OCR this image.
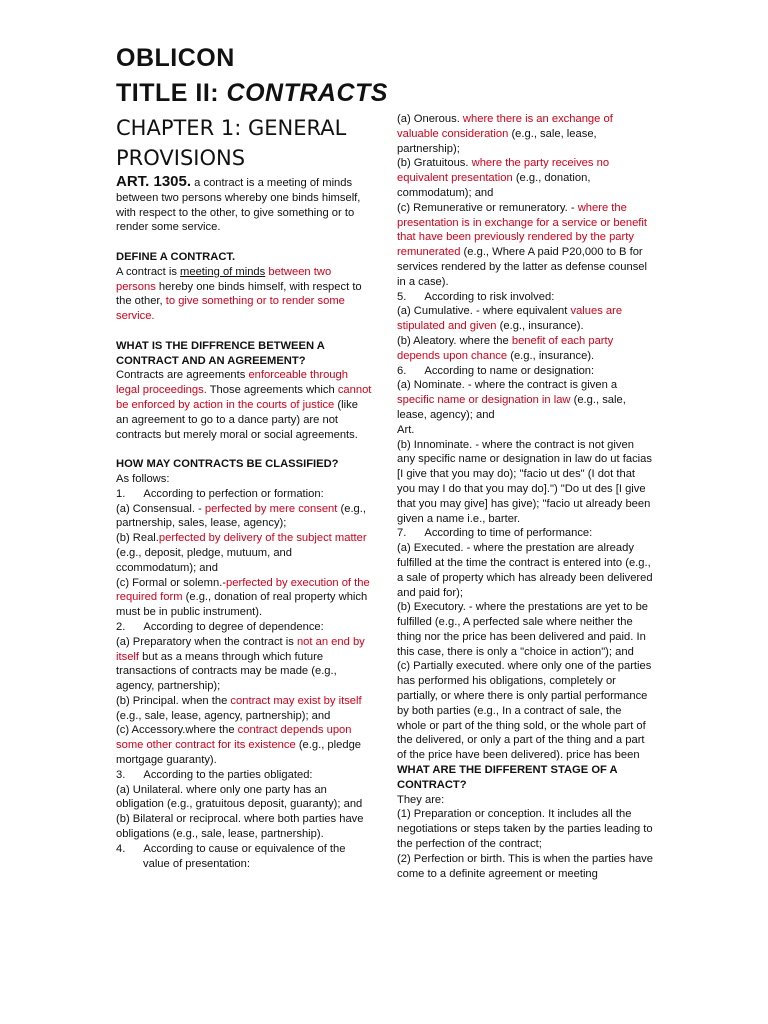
OBLICON
TITLE II: CONTRACTS
CHAPTER 1: GENERAL PROVISIONS

ART. 1305. a contract is a meeting of minds between two persons whereby one binds himself, with respect to the other, to give something or to render some service.

DEFINE A CONTRACT.

A contract is meeting of minds between two persons hereby one binds himself, with respect to the other, to give something or to render some service.

WHAT IS THE DIFFRENCE BETWEEN A CONTRACT AND AN AGREEMENT?

Contracts are agreements enforceable through legal proceedings. Those agreements which cannot be enforced by action in the courts of justice (like an agreement to go to a dance party) are not contracts but merely moral or social agreements.

HOW MAY CONTRACTS BE CLASSIFIED?

As follows:

1.      According to perfection or formation:

(a) Consensual. - perfected by mere consent (e.g., partnership, sales, lease, agency);

(b) Real.perfected by delivery of the subject matter (e.g., deposit, pledge, mutuum, and ccommodatum); and

(c) Formal or solemn.-perfected by execution of the required form (e.g., donation of real property which must be in public instrument).

2.      According to degree of dependence:

(a) Preparatory when the contract is not an end by itself but as a means through which future transactions of contracts may be made (e.g., agency, partnership);

(b) Principal. when the contract may exist by itself (e.g., sale, lease, agency, partnership); and

(c) Accessory.where the contract depends upon some other contract for its existence (e.g., pledge mortgage guaranty).

3.      According to the parties obligated:

(a) Unilateral. where only one party has an obligation (e.g., gratuitous deposit, guaranty); and

(b) Bilateral or reciprocal. where both parties have obligations (e.g., sale, lease, partnership).

4.      According to cause or equivalence of the value of presentation:

(a) Onerous. where there is an exchange of valuable consideration (e.g., sale, lease, partnership);

(b) Gratuitous. where the party receives no equivalent presentation (e.g., donation, commodatum); and

(c) Remunerative or remuneratory. - where the presentation is in exchange for a service or benefit that have been previously rendered by the party remunerated (e.g., Where A paid P20,000 to B for services rendered by the latter as defense counsel in a case).

5.      According to risk involved:

(a) Cumulative. - where equivalent values are stipulated and given (e.g., insurance).

(b) Aleatory. where the benefit of each party depends upon chance (e.g., insurance).

6.      According to name or designation:

(a) Nominate. - where the contract is given a specific name or designation in law (e.g., sale, lease, agency); and

Art.

(b) Innominate. - where the contract is not given any specific name or designation in law do ut facias [I give that you may do); "facio ut des" (I dot that you may I do that you may do].") "Do ut des [I give that you may give] has give); "facio ut already been given a name i.e., barter.

7.      According to time of performance:

(a) Executed. - where the prestation are already fulfilled at the time the contract is entered into (e.g., a sale of property which has already been delivered and paid for);

(b) Executory. - where the prestations are yet to be fulfilled (e.g., A perfected sale where neither the thing nor the price has been delivered and paid. In this case, there is only a "choice in action"); and

(c) Partially executed. where only one of the parties has performed his obligations, completely or partially, or where there is only partial performance by both parties (e.g., In a contract of sale, the whole or part of the thing sold, or the whole part of the delivered, or only a part of the thing and a part of the price have been delivered). price has been

WHAT ARE THE DIFFERENT STAGE OF A CONTRACT?

They are:

(1) Preparation or conception. It includes all the negotiations or steps taken by the parties leading to the perfection of the contract;

(2) Perfection or birth. This is when the parties have come to a definite agreement or meeting
